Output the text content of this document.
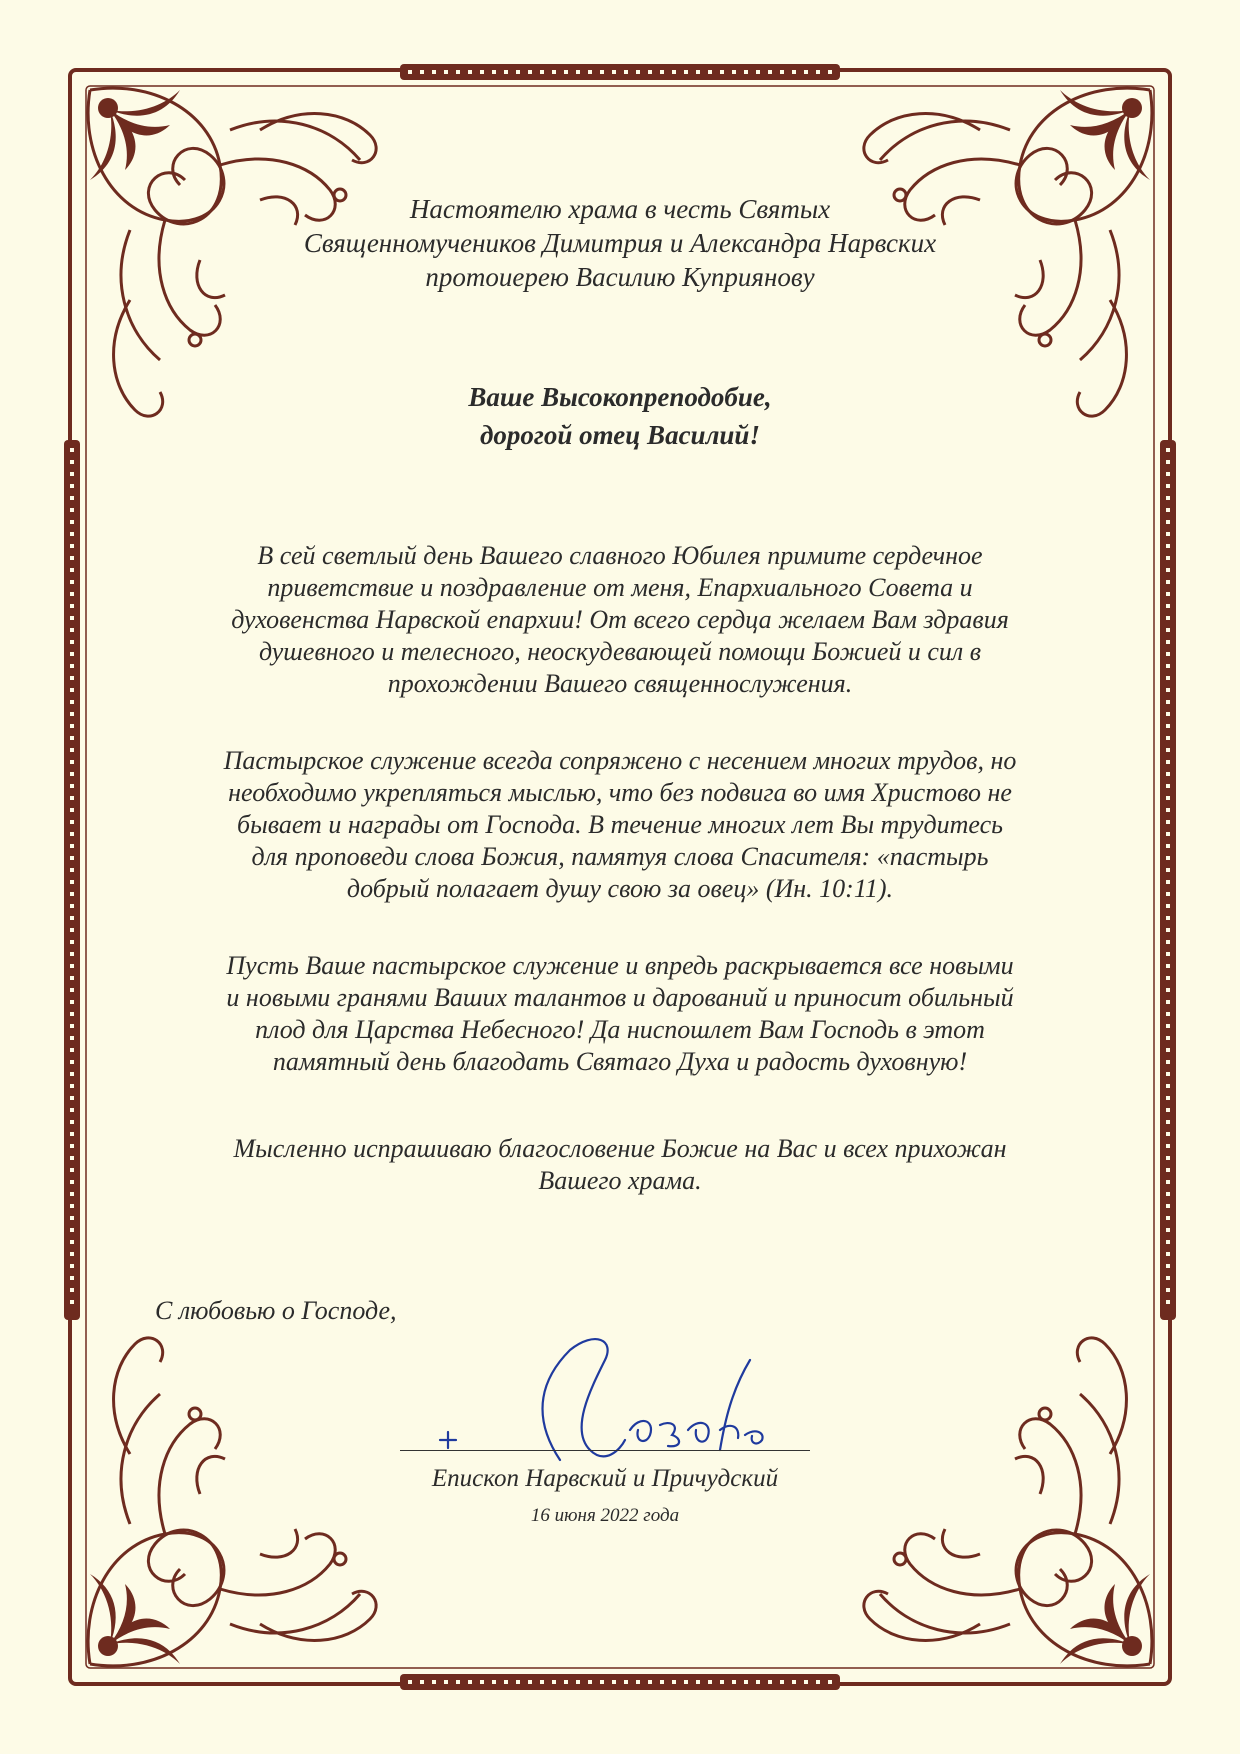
Настоятелю храма в честь Святых
Священномучеников Димитрия и Александра Нарвских
протоиерею Василию Куприянову
Ваше Высокопреподобие,
дорогой отец Василий!
В сей светлый день Вашего славного Юбилея примите сердечное
приветствие и поздравление от меня, Епархиального Совета и
духовенства Нарвской епархии! От всего сердца желаем Вам здравия
душевного и телесного, неоскудевающей помощи Божией и сил в
прохождении Вашего священнослужения.
Пастырское служение всегда сопряжено с несением многих трудов, но
необходимо укрепляться мыслью, что без подвига во имя Христово не
бывает и награды от Господа. В течение многих лет Вы трудитесь
для проповеди слова Божия, памятуя слова Спасителя: «пастырь
добрый полагает душу свою за овец» (Ин. 10:11).
Пусть Ваше пастырское служение и впредь раскрывается все новыми
и новыми гранями Ваших талантов и дарований и приносит обильный
плод для Царства Небесного! Да ниспошлет Вам Господь в этот
памятный день благодать Святаго Духа и радость духовную!
Мысленно испрашиваю благословение Божие на Вас и всех прихожан
Вашего храма.
С любовью о Господе,
Епископ Нарвский и Причудский
16 июня 2022 года
